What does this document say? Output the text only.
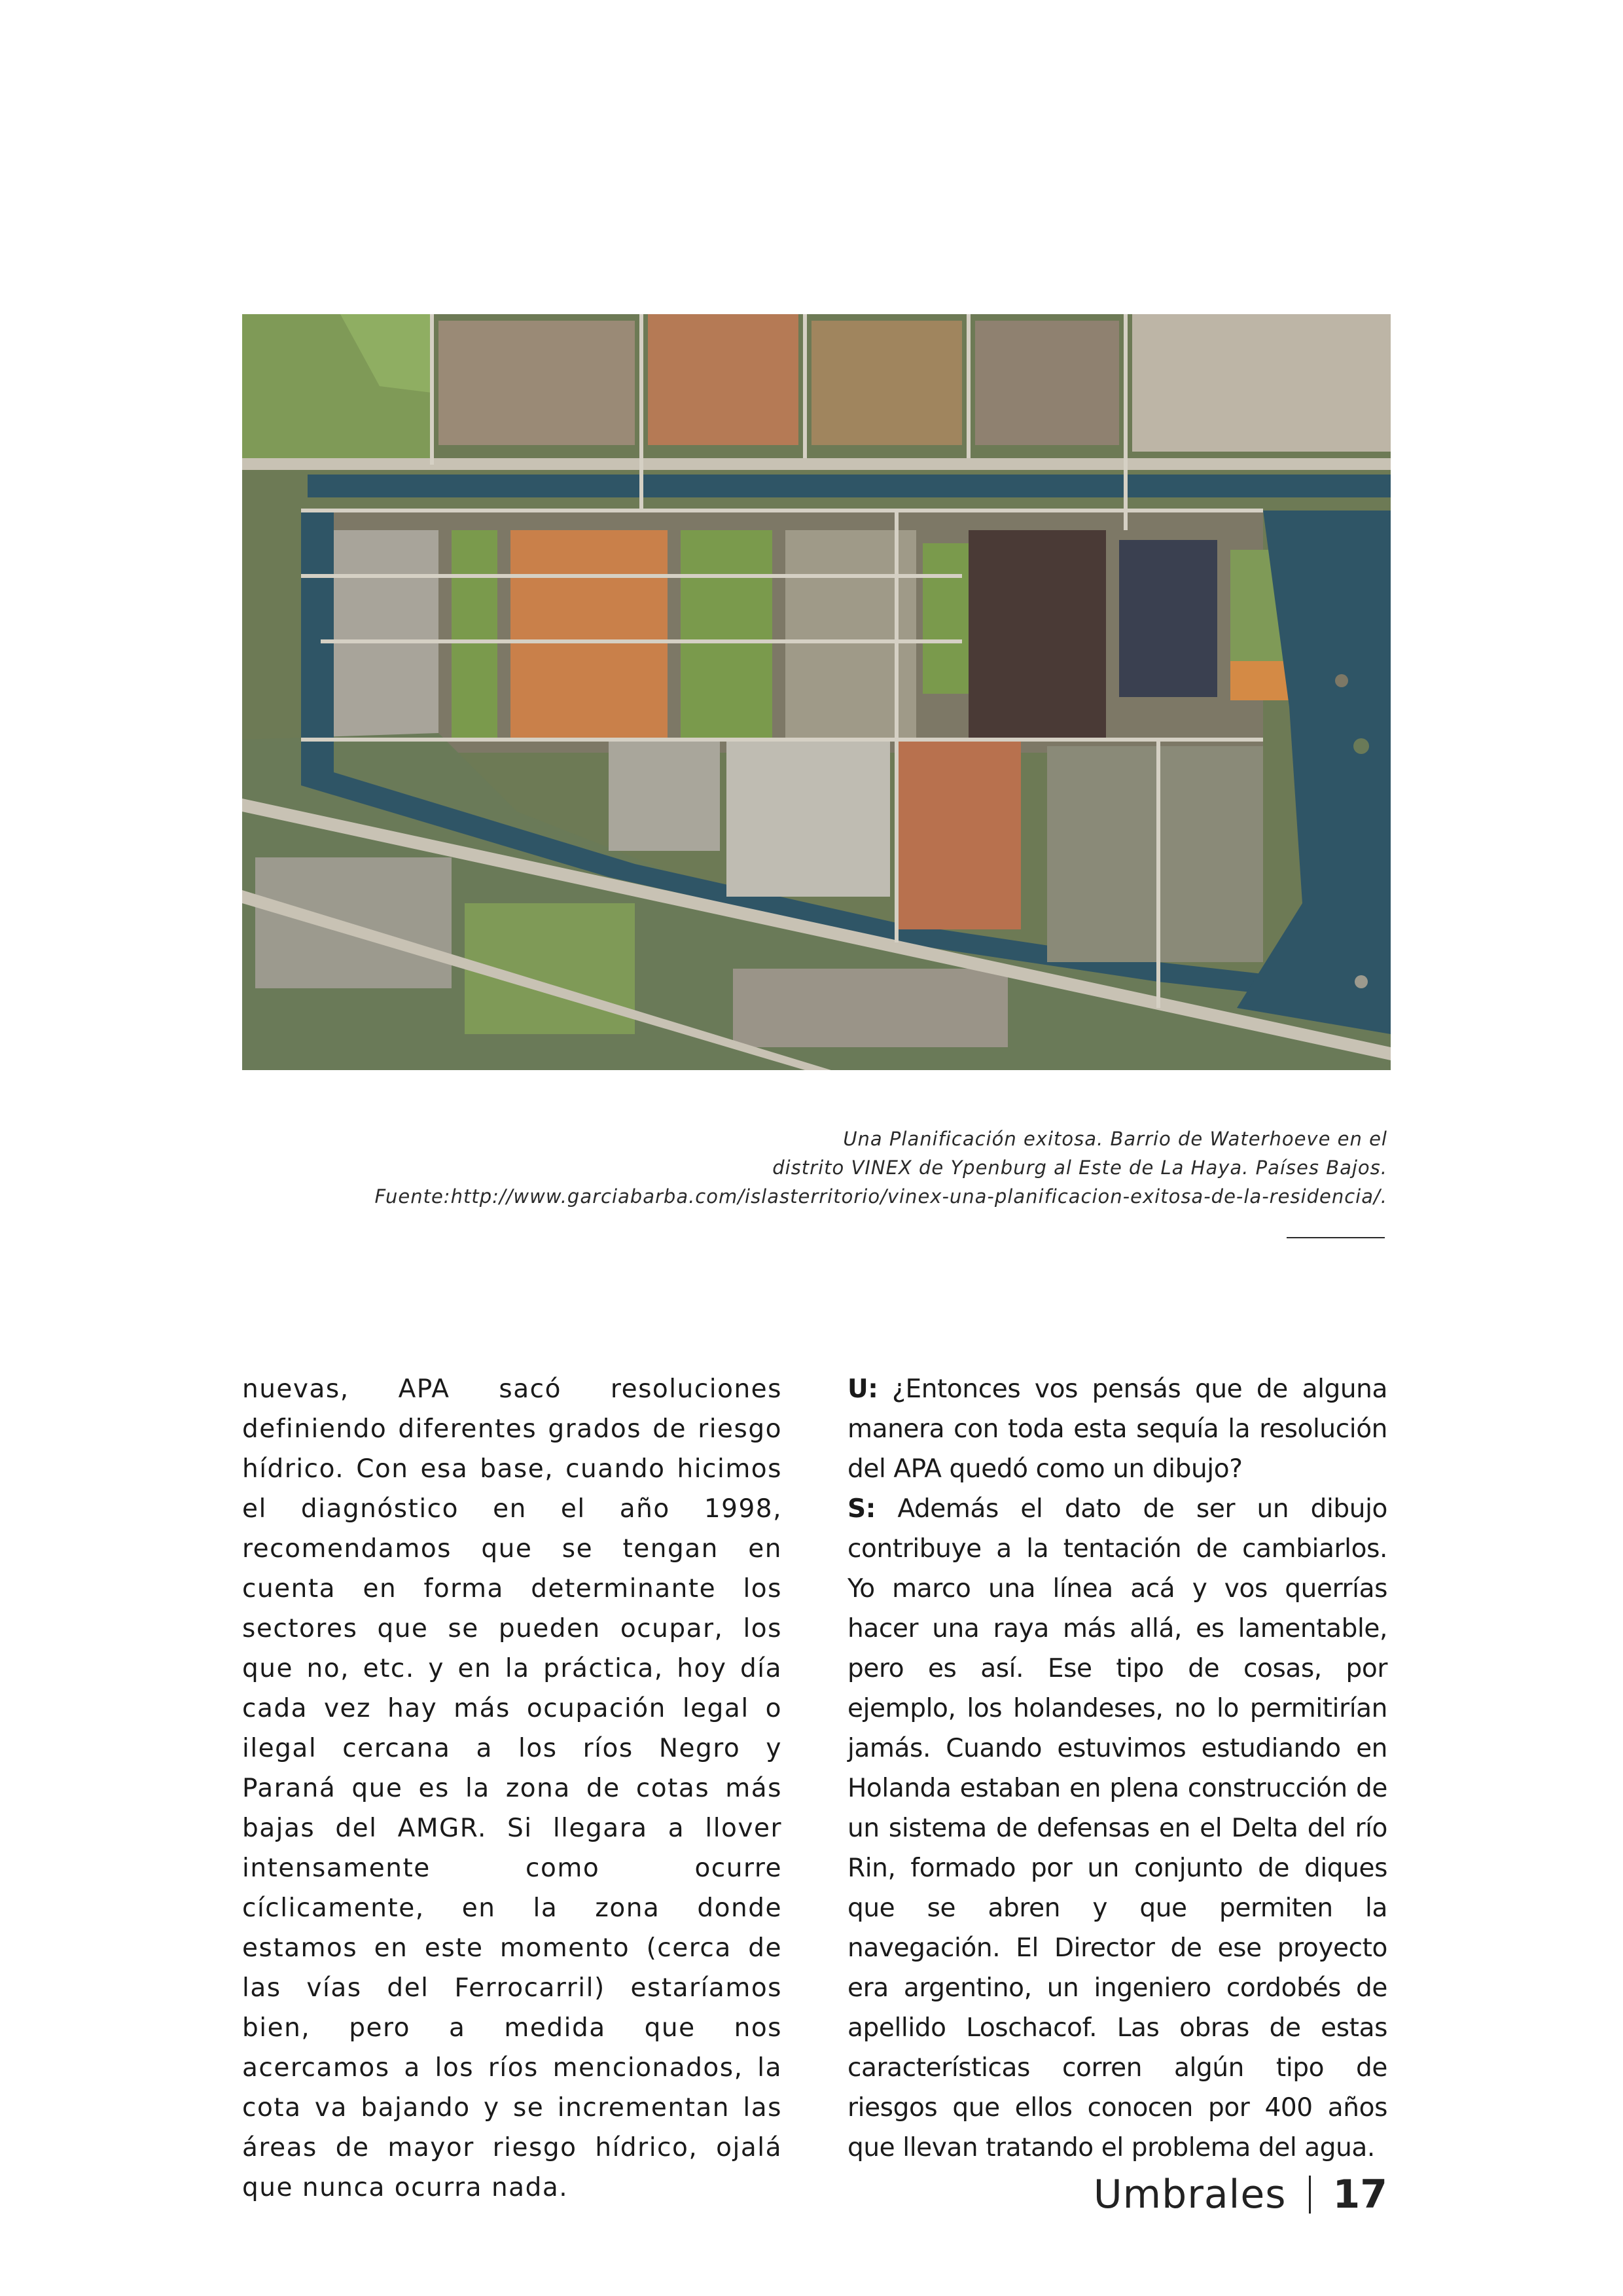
Una Planificación exitosa. Barrio de Waterhoeve en el
distrito VINEX de Ypenburg al Este de La Haya. Países Bajos.
Fuente:http://www.garciabarba.com/islasterritorio/vinex-una-planificacion-exitosa-de-la-residencia/.

nuevas, APA sacó resoluciones definiendo diferentes grados de riesgo hídrico. Con esa base, cuando hicimos el diagnóstico en el año 1998, recomendamos que se tengan en cuenta en forma determinante los sectores que se pueden ocupar, los que no, etc. y en la práctica, hoy día cada vez hay más ocupación legal o ilegal cercana a los ríos Negro y Paraná que es la zona de cotas más bajas del AMGR. Si llegara a llover intensamente como ocurre cíclicamente, en la zona donde estamos en este momento (cerca de las vías del Ferrocarril) estaríamos bien, pero a medida que nos acercamos a los ríos mencionados, la cota va bajando y se incrementan las áreas de mayor riesgo hídrico, ojalá que nunca ocurra nada.

U: ¿Entonces vos pensás que de alguna manera con toda esta sequía la resolución del APA quedó como un dibujo?

S: Además el dato de ser un dibujo contribuye a la tentación de cambiarlos. Yo marco una línea acá y vos querrías hacer una raya más allá, es lamentable, pero es así. Ese tipo de cosas, por ejemplo, los holandeses, no lo permitirían jamás. Cuando estuvimos estudiando en Holanda estaban en plena construcción de un sistema de defensas en el Delta del río Rin, formado por un conjunto de diques que se abren y que permiten la navegación. El Director de ese proyecto era argentino, un ingeniero cordobés de apellido Loschacof. Las obras de estas características corren algún tipo de riesgos que ellos conocen por 400 años que llevan tratando el problema del agua.

Umbrales 17
